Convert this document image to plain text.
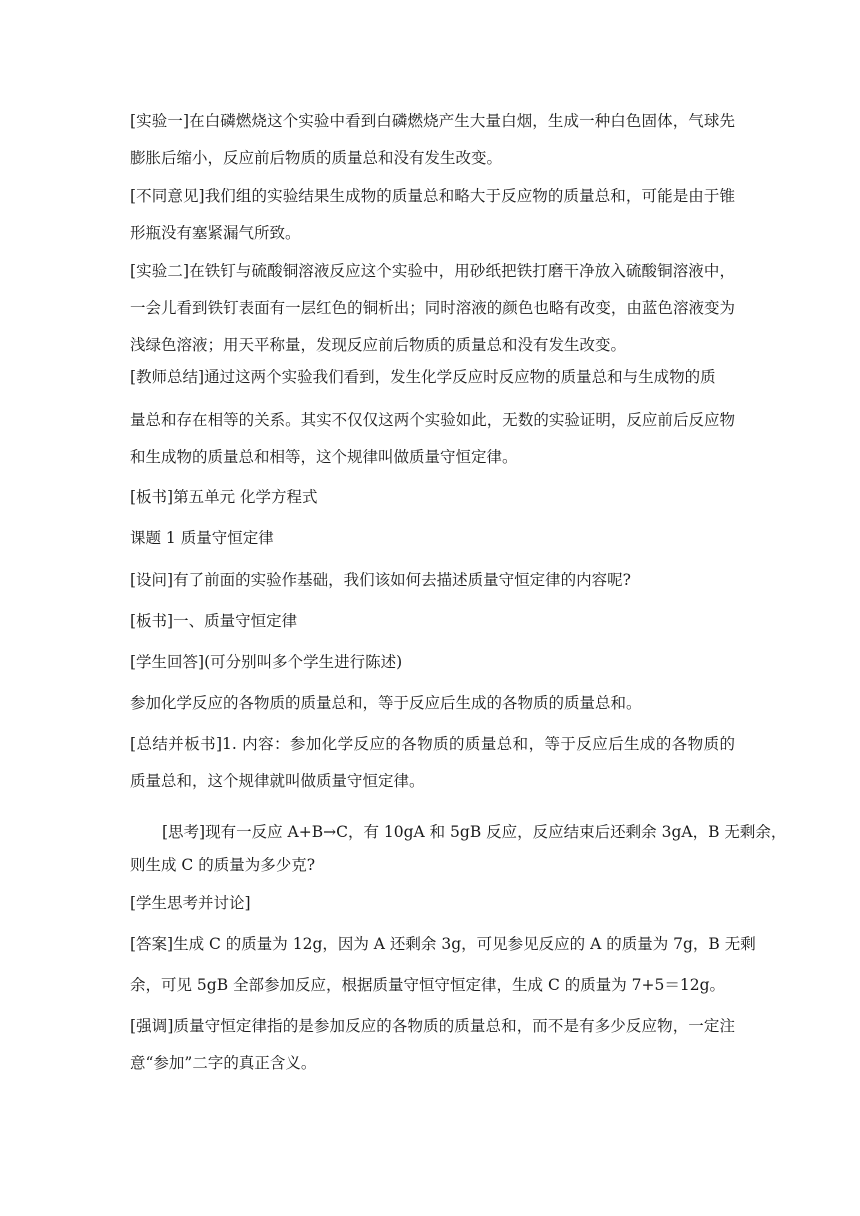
[实验一]在白磷燃烧这个实验中看到白磷燃烧产生大量白烟，生成一种白色固体，气球先膨胀后缩小，反应前后物质的质量总和没有发生改变。

[不同意见]我们组的实验结果生成物的质量总和略大于反应物的质量总和，可能是由于锥形瓶没有塞紧漏气所致。

[实验二]在铁钉与硫酸铜溶液反应这个实验中，用砂纸把铁打磨干净放入硫酸铜溶液中，一会儿看到铁钉表面有一层红色的铜析出；同时溶液的颜色也略有改变，由蓝色溶液变为浅绿色溶液；用天平称量，发现反应前后物质的质量总和没有发生改变。

[教师总结]通过这两个实验我们看到，发生化学反应时反应物的质量总和与生成物的质

量总和存在相等的关系。其实不仅仅这两个实验如此，无数的实验证明，反应前后反应物和生成物的质量总和相等，这个规律叫做质量守恒定律。

[板书]第五单元 化学方程式

课题 1 质量守恒定律

[设问]有了前面的实验作基础，我们该如何去描述质量守恒定律的内容呢?

[板书]一、质量守恒定律

[学生回答](可分别叫多个学生进行陈述)

参加化学反应的各物质的质量总和，等于反应后生成的各物质的质量总和。

[总结并板书]1. 内容：参加化学反应的各物质的质量总和，等于反应后生成的各物质的质量总和，这个规律就叫做质量守恒定律。

[思考]现有一反应 A+B→C，有 10gA 和 5gB 反应，反应结束后还剩余 3gA，B 无剩余，

则生成 C 的质量为多少克?

[学生思考并讨论]

[答案]生成 C 的质量为 12g，因为 A 还剩余 3g，可见参见反应的 A 的质量为 7g，B 无剩

余，可见 5gB 全部参加反应，根据质量守恒守恒定律，生成 C 的质量为 7+5＝12g。

[强调]质量守恒定律指的是参加反应的各物质的质量总和，而不是有多少反应物，一定注意“参加”二字的真正含义。
